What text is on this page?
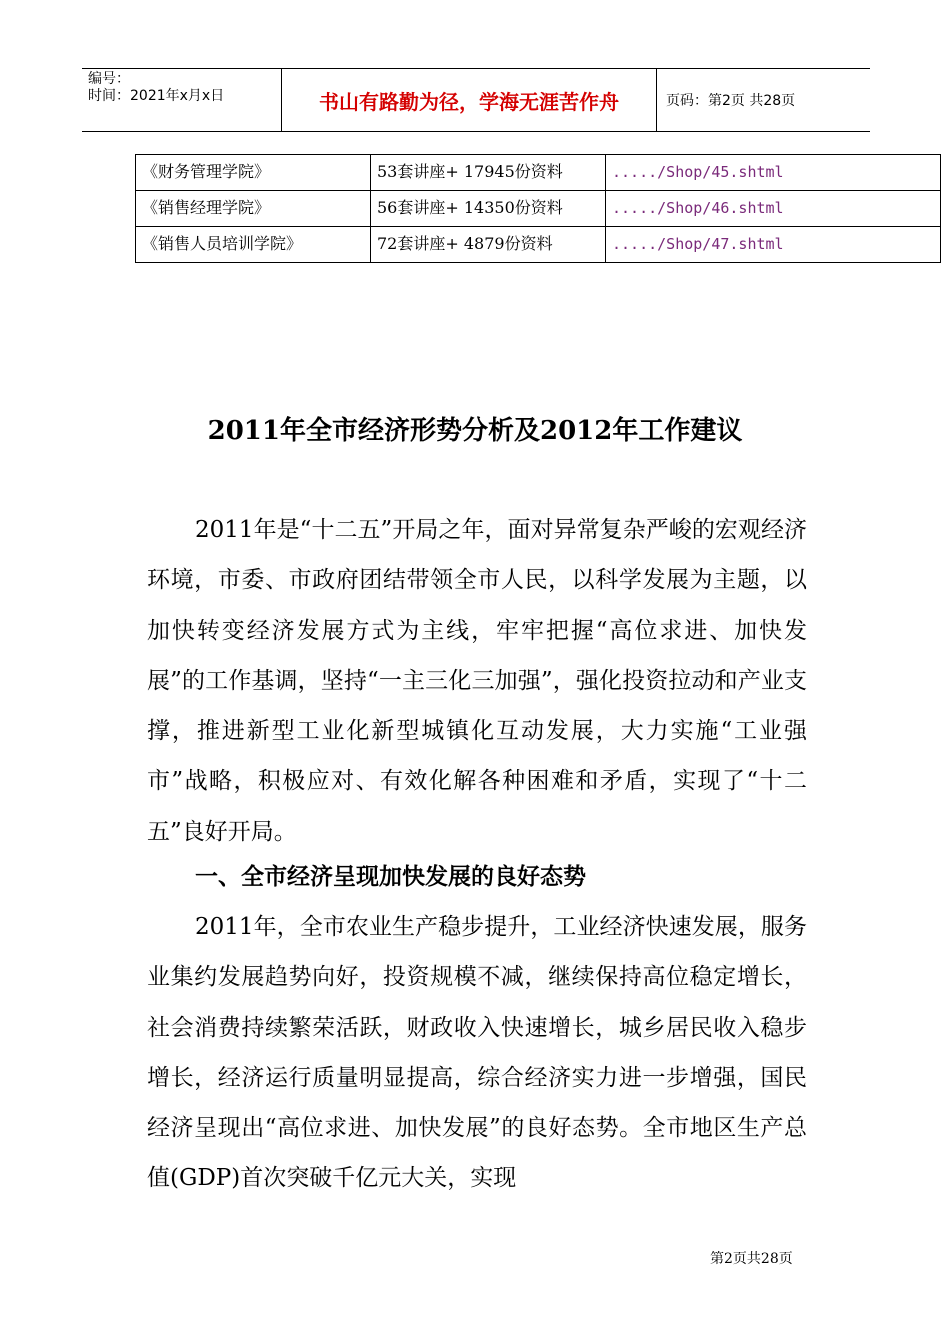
编号：
时间：2021年x月x日	书山有路勤为径，学海无涯苦作舟	页码：第2页 共28页
《财务管理学院》	53套讲座+ 17945份资料	...../Shop/45.shtml
《销售经理学院》	56套讲座+ 14350份资料	...../Shop/46.shtml
《销售人员培训学院》	72套讲座+ 4879份资料	...../Shop/47.shtml
2011年全市经济形势分析及2012年工作建议
2011年是“十二五”开局之年，面对异常复杂严峻的宏观经济环境，市委、市政府团结带领全市人民，以科学发展为主题，以加快转变经济发展方式为主线，牢牢把握“高位求进、加快发展”的工作基调，坚持“一主三化三加强”，强化投资拉动和产业支撑，推进新型工业化新型城镇化互动发展，大力实施“工业强市”战略，积极应对、有效化解各种困难和矛盾，实现了“十二五”良好开局。
一、全市经济呈现加快发展的良好态势
2011年，全市农业生产稳步提升，工业经济快速发展，服务业集约发展趋势向好，投资规模不减，继续保持高位稳定增长，社会消费持续繁荣活跃，财政收入快速增长，城乡居民收入稳步增长，经济运行质量明显提高，综合经济实力进一步增强，国民经济呈现出“高位求进、加快发展”的良好态势。全市地区生产总值(GDP)首次突破千亿元大关，实现
第2页共28页
